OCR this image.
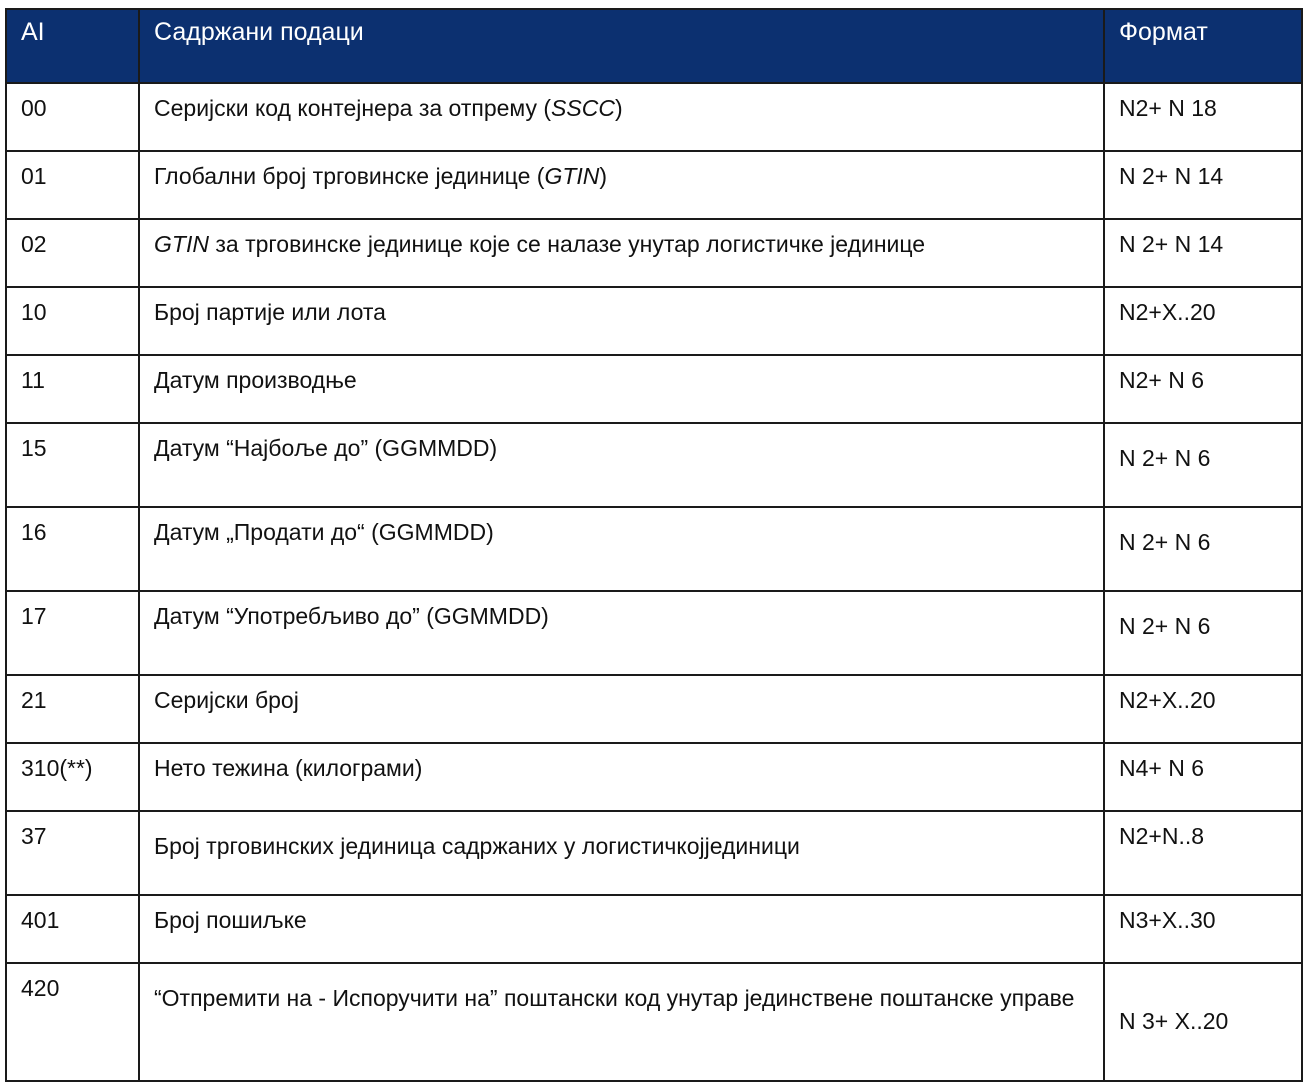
AI	Садржани подаци	Формат
00	Серијски код контејнера за отпрему (SSCC)	N2+ N 18
01	Глобални број трговинске јединице (GTIN)	N 2+ N 14
02	GTIN за трговинске јединице које се налазе унутар логистичке јединице	N 2+ N 14
10	Број партије или лота	N2+X..20
11	Датум производње	N2+ N 6
15	Датум “Најбоље до” (GGMMDD)	N 2+ N 6
16	Датум „Продати до“ (GGMMDD)	N 2+ N 6
17	Датум “Употребљиво до” (GGMMDD)	N 2+ N 6
21	Серијски број	N2+X..20
310(**)	Нето тежина (килограми)	N4+ N 6
37	Број трговинских јединица садржаних у логистичкојјединици	N2+N..8
401	Број пошиљке	N3+X..30
420	“Отпремити на - Испоручити на” поштански код унутар јединствене поштанске управе	N 3+ X..20
